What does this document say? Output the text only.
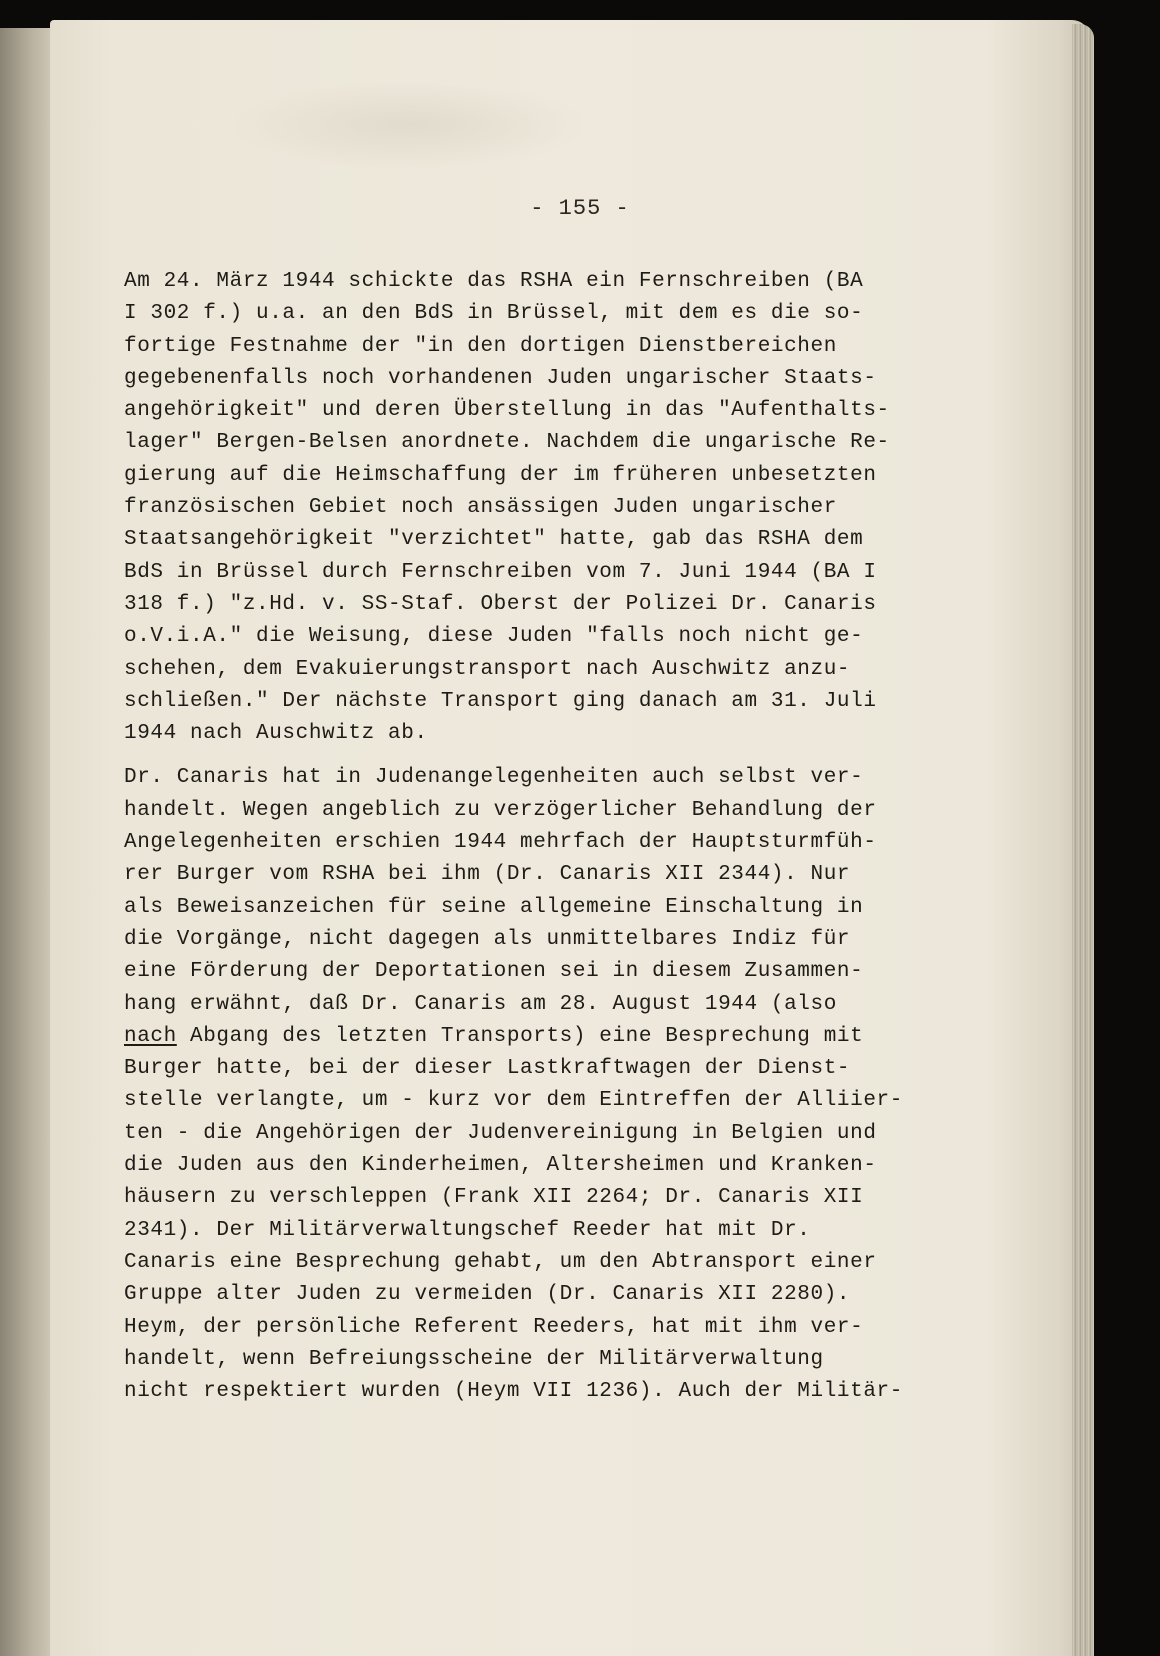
- 155 -
Am 24. März 1944 schickte das RSHA ein Fernschreiben (BA
I 302 f.) u.a. an den BdS in Brüssel, mit dem es die so-
fortige Festnahme der "in den dortigen Dienstbereichen
gegebenenfalls noch vorhandenen Juden ungarischer Staats-
angehörigkeit" und deren Überstellung in das "Aufenthalts-
lager" Bergen-Belsen anordnete. Nachdem die ungarische Re-
gierung auf die Heimschaffung der im früheren unbesetzten
französischen Gebiet noch ansässigen Juden ungarischer
Staatsangehörigkeit "verzichtet" hatte, gab das RSHA dem
BdS in Brüssel durch Fernschreiben vom 7. Juni 1944 (BA I
318 f.) "z.Hd. v. SS-Staf. Oberst der Polizei Dr. Canaris
o.V.i.A." die Weisung, diese Juden "falls noch nicht ge-
schehen, dem Evakuierungstransport nach Auschwitz anzu-
schließen." Der nächste Transport ging danach am 31. Juli
1944 nach Auschwitz ab.
Dr. Canaris hat in Judenangelegenheiten auch selbst ver-
handelt. Wegen angeblich zu verzögerlicher Behandlung der
Angelegenheiten erschien 1944 mehrfach der Hauptsturmfüh-
rer Burger vom RSHA bei ihm (Dr. Canaris XII 2344). Nur
als Beweisanzeichen für seine allgemeine Einschaltung in
die Vorgänge, nicht dagegen als unmittelbares Indiz für
eine Förderung der Deportationen sei in diesem Zusammen-
hang erwähnt, daß Dr. Canaris am 28. August 1944 (also
nach Abgang des letzten Transports) eine Besprechung mit
Burger hatte, bei der dieser Lastkraftwagen der Dienst-
stelle verlangte, um - kurz vor dem Eintreffen der Alliier-
ten - die Angehörigen der Judenvereinigung in Belgien und
die Juden aus den Kinderheimen, Altersheimen und Kranken-
häusern zu verschleppen (Frank XII 2264; Dr. Canaris XII
2341). Der Militärverwaltungschef Reeder hat mit Dr.
Canaris eine Besprechung gehabt, um den Abtransport einer
Gruppe alter Juden zu vermeiden (Dr. Canaris XII 2280).
Heym, der persönliche Referent Reeders, hat mit ihm ver-
handelt, wenn Befreiungsscheine der Militärverwaltung
nicht respektiert wurden (Heym VII 1236). Auch der Militär-
